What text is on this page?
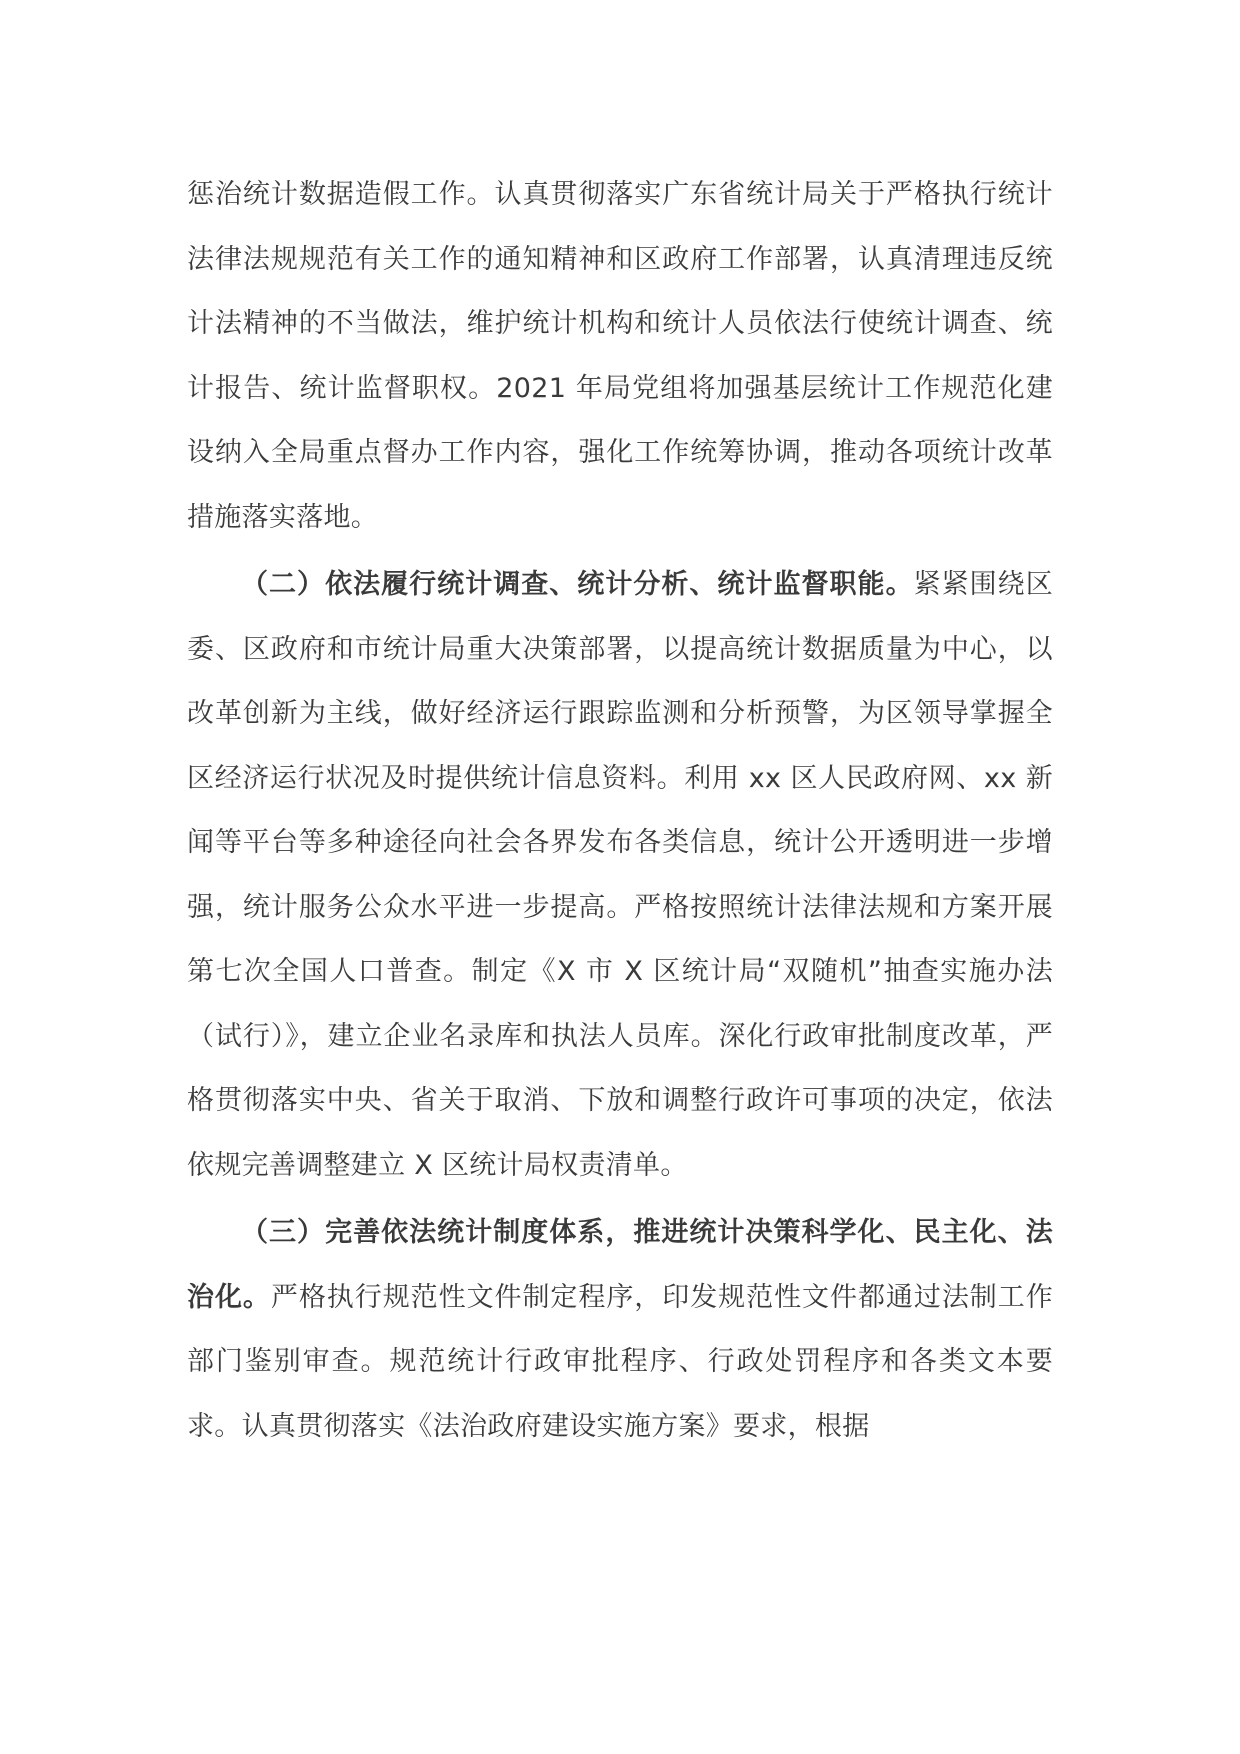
惩治统计数据造假工作。认真贯彻落实广东省统计局关于严格执行统计法律法规规范有关工作的通知精神和区政府工作部署，认真清理违反统计法精神的不当做法，维护统计机构和统计人员依法行使统计调查、统计报告、统计监督职权。2021 年局党组将加强基层统计工作规范化建设纳入全局重点督办工作内容，强化工作统筹协调，推动各项统计改革措施落实落地。

（二）依法履行统计调查、统计分析、统计监督职能。紧紧围绕区委、区政府和市统计局重大决策部署，以提高统计数据质量为中心，以改革创新为主线，做好经济运行跟踪监测和分析预警，为区领导掌握全区经济运行状况及时提供统计信息资料。利用 xx 区人民政府网、xx 新闻等平台等多种途径向社会各界发布各类信息，统计公开透明进一步增强，统计服务公众水平进一步提高。严格按照统计法律法规和方案开展第七次全国人口普查。制定《X 市 X 区统计局“双随机”抽查实施办法（试行）》，建立企业名录库和执法人员库。深化行政审批制度改革，严格贯彻落实中央、省关于取消、下放和调整行政许可事项的决定，依法依规完善调整建立 X 区统计局权责清单。

（三）完善依法统计制度体系，推进统计决策科学化、民主化、法治化。严格执行规范性文件制定程序，印发规范性文件都通过法制工作部门鉴别审查。规范统计行政审批程序、行政处罚程序和各类文本要求。认真贯彻落实《法治政府建设实施方案》要求，根据
